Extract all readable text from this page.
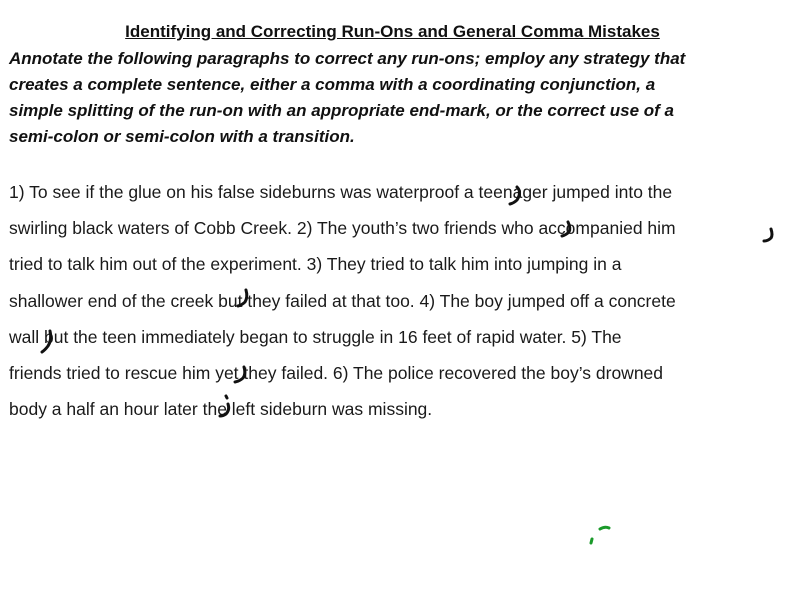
Identifying and Correcting Run-Ons and General Comma Mistakes
Annotate the following paragraphs to correct any run-ons; employ any strategy that
creates a complete sentence, either a comma with a coordinating conjunction, a
simple splitting of the run-on with an appropriate end-mark, or the correct use of a
semi-colon or semi-colon with a transition.
1) To see if the glue on his false sideburns was waterproof a teenager jumped into the
swirling black waters of Cobb Creek. 2) The youth’s two friends who accompanied him
tried to talk him out of the experiment. 3) They tried to talk him into jumping in a
shallower end of the creek but they failed at that too. 4) The boy jumped off a concrete
wall but the teen immediately began to struggle in 16 feet of rapid water. 5) The
friends tried to rescue him yet they failed. 6) The police recovered the boy’s drowned
body a half an hour later the left sideburn was missing.
